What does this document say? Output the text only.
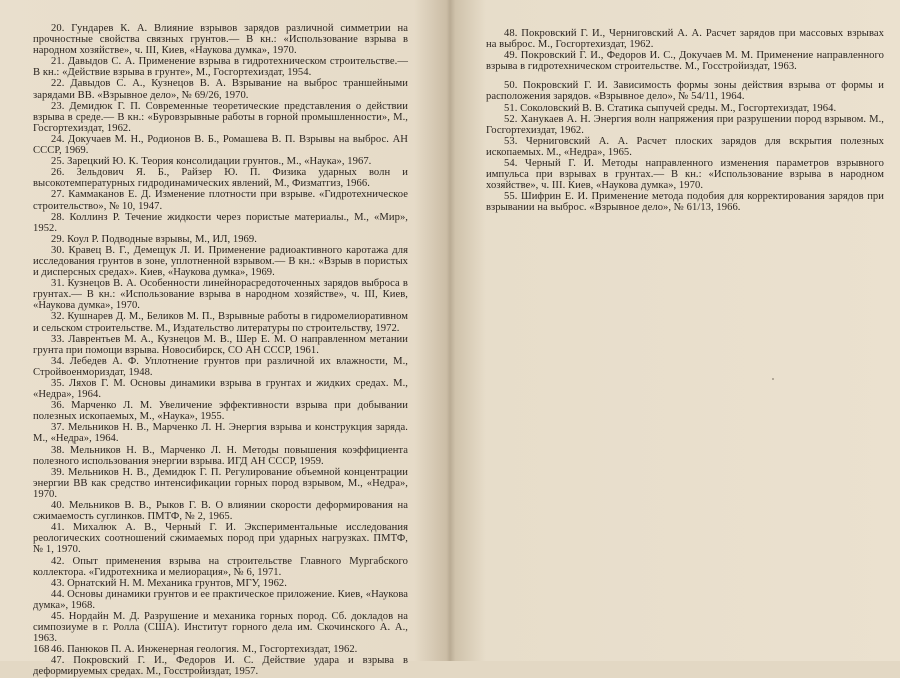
20. Гундарев К. А. Влияние взрывов зарядов различной симметрии на прочностные свойства связных грунтов.— В кн.: «Использование взрыва в народном хозяйстве», ч. III, Киев, «Наукова думка», 1970.

21. Давыдов С. А. Применение взрыва в гидротехническом строительстве.— В кн.: «Действие взрыва в грунте», М., Госгортехиздат, 1954.

22. Давыдов С. А., Кузнецов В. А. Взрывание на выброс траншейными зарядами ВВ. «Взрывное дело», № 69/26, 1970.

23. Демидюк Г. П. Современные теоретические представления о действии взрыва в среде.— В кн.: «Буровзрывные работы в горной промышленности», М., Госгортехиздат, 1962.

24. Докучаев М. Н., Родионов В. Б., Ромашева В. П. Взрывы на выброс. АН СССР, 1969.

25. Зарецкий Ю. К. Теория консолидации грунтов., М., «Наука», 1967.

26. Зельдович Я. Б., Райзер Ю. П. Физика ударных волн и высокотемпературных гидродинамических явлений, М., Физматгиз, 1966.

27. Каммаканов Е. Д. Изменение плотности при взрыве. «Гидротехническое строительство», № 10, 1947.

28. Коллинз Р. Течение жидкости через пористые материалы., М., «Мир», 1952.

29. Коул Р. Подводные взрывы, М., ИЛ, 1969.

30. Кравец В. Г., Демещук Л. И. Применение радиоактивного каротажа для исследования грунтов в зоне, уплотненной взрывом.— В кн.: «Взрыв в пористых и дисперсных средах». Киев, «Наукова думка», 1969.

31. Кузнецов В. А. Особенности линейнорасредоточенных зарядов выброса в грунтах.— В кн.: «Использование взрыва в народном хозяйстве», ч. III, Киев, «Наукова думка», 1970.

32. Кушнарев Д. М., Беликов М. П., Взрывные работы в гидромелиоративном и сельском строительстве. М., Издательство литературы по строительству, 1972.

33. Лаврентьев М. А., Кузнецов М. В., Шер Е. М. О направленном метании грунта при помощи взрыва. Новосибирск, СО АН СССР, 1961.

34. Лебедев А. Ф. Уплотнение грунтов при различной их влажности, М., Стройвоенмориздат, 1948.

35. Ляхов Г. М. Основы динамики взрыва в грунтах и жидких средах. М., «Недра», 1964.

36. Марченко Л. М. Увеличение эффективности взрыва при добывании полезных ископаемых, М., «Наука», 1955.

37. Мельников Н. В., Марченко Л. Н. Энергия взрыва и конструкция заряда. М., «Недра», 1964.

38. Мельников Н. В., Марченко Л. Н. Методы повышения коэффициента полезного использования энергии взрыва. ИГД АН СССР, 1959.

39. Мельников Н. В., Демидюк Г. П. Регулирование объемной концентрации энергии ВВ как средство интенсификации горных пород взрывом, М., «Недра», 1970.

40. Мельников В. В., Рыков Г. В. О влиянии скорости деформирования на сжимаемость суглинков. ПМТФ, № 2, 1965.

41. Михалюк А. В., Черный Г. И. Экспериментальные исследования реологических соотношений сжимаемых пород при ударных нагрузках. ПМТФ, № 1, 1970.

42. Опыт применения взрыва на строительстве Главного Мургабского коллектора. «Гидротехника и мелиорация», № 6, 1971.

43. Орнатский Н. М. Механика грунтов, МГУ, 1962.

44. Основы динамики грунтов и ее практическое приложение. Киев, «Наукова думка», 1968.

45. Нордайн М. Д. Разрушение и механика горных пород. Сб. докладов на симпозиуме в г. Ролла (США). Институт горного дела им. Скочинского А. А., 1963.

46. Панюков П. А. Инженерная геология. М., Госгортехиздат, 1962.

47. Покровский Г. И., Федоров И. С. Действие удара и взрыва в деформируемых средах. М., Госстройиздат, 1957.

168

48. Покровский Г. И., Черниговский А. А. Расчет зарядов при массовых взрывах на выброс. М., Госгортехиздат, 1962.

49. Покровский Г. И., Федоров И. С., Докучаев М. М. Применение направленного взрыва в гидротехническом строительстве. М., Госстройиздат, 1963.

50. Покровский Г. И. Зависимость формы зоны действия взрыва от формы и расположения зарядов. «Взрывное дело», № 54/11, 1964.

51. Соколовский В. В. Статика сыпучей среды. М., Госгортехиздат, 1964.

52. Ханукаев А. Н. Энергия волн напряжения при разрушении пород взрывом. М., Госгортехиздат, 1962.

53. Черниговский А. А. Расчет плоских зарядов для вскрытия полезных ископаемых. М., «Недра», 1965.

54. Черный Г. И. Методы направленного изменения параметров взрывного импульса при взрывах в грунтах.— В кн.: «Использование взрыва в народном хозяйстве», ч. III. Киев, «Наукова думка», 1970.

55. Шифрин Е. И. Применение метода подобия для корректирования зарядов при взрывании на выброс. «Взрывное дело», № 61/13, 1966.
